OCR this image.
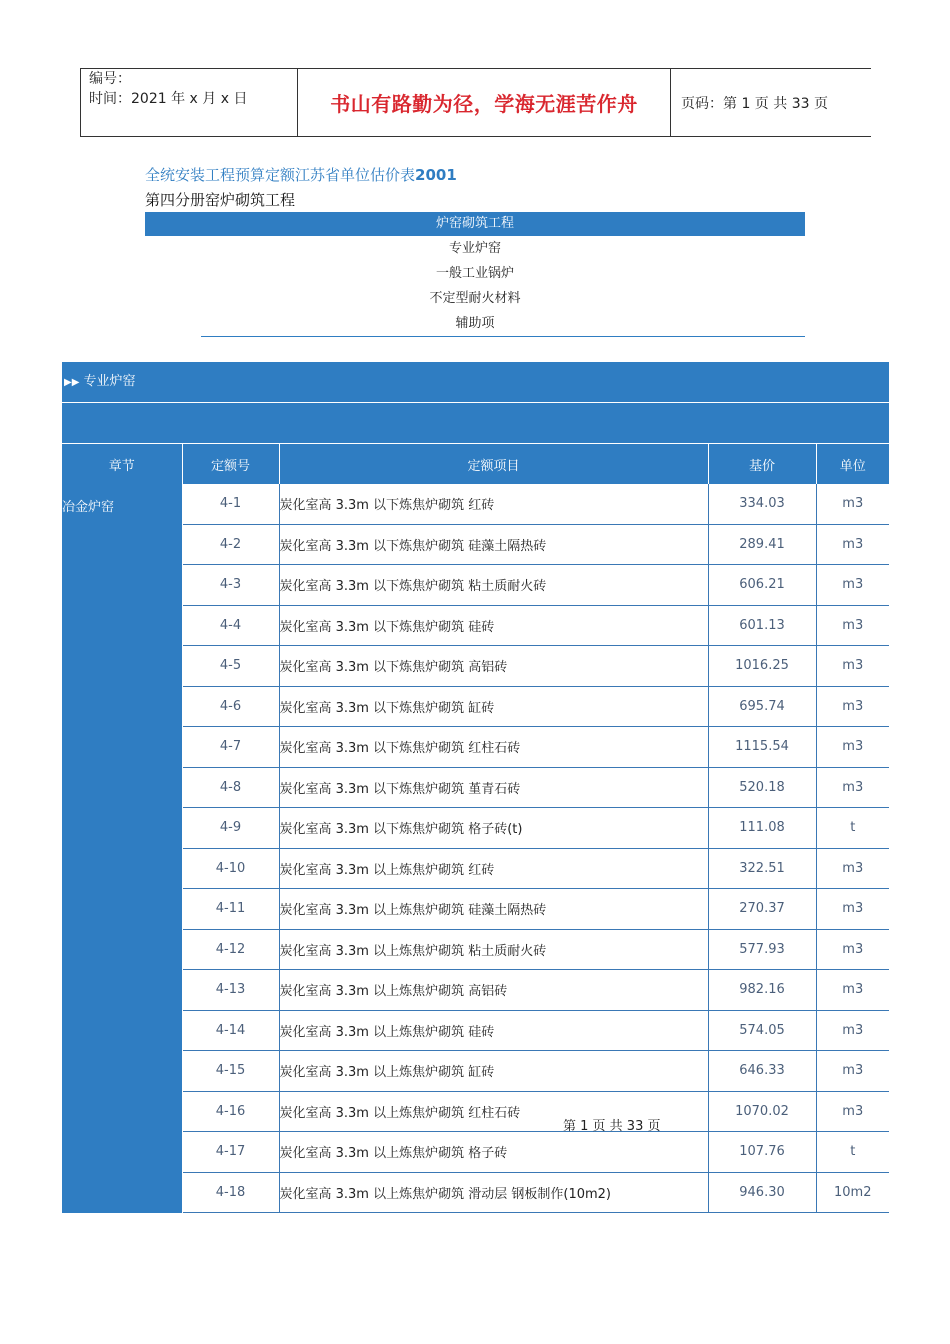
编号：
时间：2021 年 x 月 x 日	书山有路勤为径，学海无涯苦作舟	页码：第 1 页 共 33 页
全统安装工程预算定额江苏省单位估价表2001
第四分册窑炉砌筑工程
炉窑砌筑工程
专业炉窑
一般工业锅炉
不定型耐火材料
辅助项
▶▶ 专业炉窑
章节	定额号	定额项目	基价	单位
冶金炉窑	4-1	炭化室高 3.3m 以下炼焦炉砌筑 红砖	334.03	m3
	4-2	炭化室高 3.3m 以下炼焦炉砌筑 硅藻土隔热砖	289.41	m3
	4-3	炭化室高 3.3m 以下炼焦炉砌筑 粘土质耐火砖	606.21	m3
	4-4	炭化室高 3.3m 以下炼焦炉砌筑 硅砖	601.13	m3
	4-5	炭化室高 3.3m 以下炼焦炉砌筑 高铝砖	1016.25	m3
	4-6	炭化室高 3.3m 以下炼焦炉砌筑 缸砖	695.74	m3
	4-7	炭化室高 3.3m 以下炼焦炉砌筑 红柱石砖	1115.54	m3
	4-8	炭化室高 3.3m 以下炼焦炉砌筑 堇青石砖	520.18	m3
	4-9	炭化室高 3.3m 以下炼焦炉砌筑 格子砖(t)	111.08	t
	4-10	炭化室高 3.3m 以上炼焦炉砌筑 红砖	322.51	m3
	4-11	炭化室高 3.3m 以上炼焦炉砌筑 硅藻土隔热砖	270.37	m3
	4-12	炭化室高 3.3m 以上炼焦炉砌筑 粘土质耐火砖	577.93	m3
	4-13	炭化室高 3.3m 以上炼焦炉砌筑 高铝砖	982.16	m3
	4-14	炭化室高 3.3m 以上炼焦炉砌筑 硅砖	574.05	m3
	4-15	炭化室高 3.3m 以上炼焦炉砌筑 缸砖	646.33	m3
	4-16	炭化室高 3.3m 以上炼焦炉砌筑 红柱石砖	1070.02	m3
	4-17	炭化室高 3.3m 以上炼焦炉砌筑 格子砖	107.76	t
	4-18	炭化室高 3.3m 以上炼焦炉砌筑 滑动层 钢板制作(10m2)	946.30	10m2
第 1 页 共 33 页
